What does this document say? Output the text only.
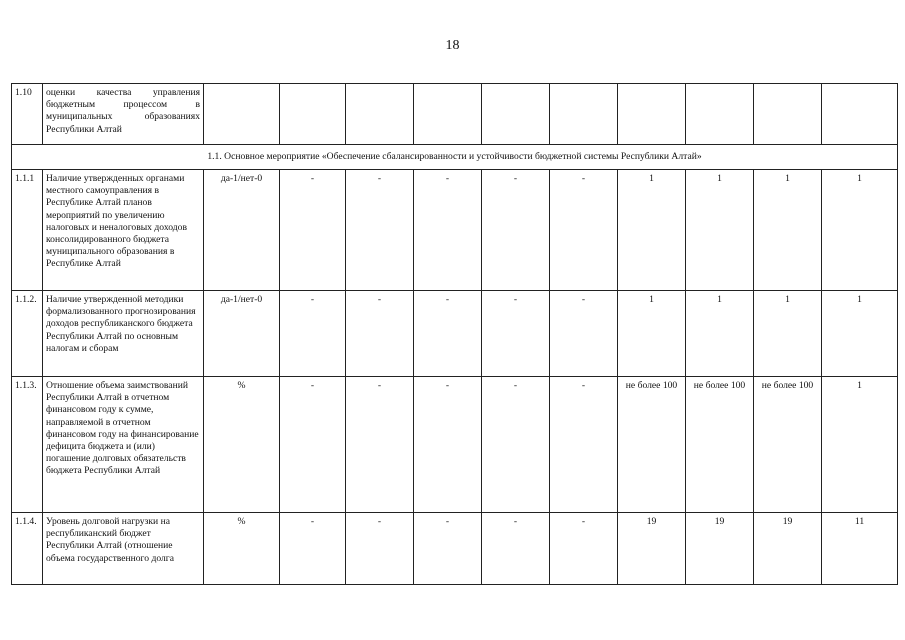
18
1.10	оценки качества управления бюджетным процессом в муниципальных образованиях Республики Алтай										
1.1. Основное мероприятие «Обеспечение сбалансированности и устойчивости бюджетной системы Республики Алтай»											
1.1.1	Наличие утвержденных органами местного самоуправления в Республике Алтай планов мероприятий по увеличению налоговых и неналоговых доходов консолидированного бюджета муниципального образования в Республике Алтай	да-1/нет-0	-	-	-	-	-	1	1	1	1
1.1.2.	Наличие утвержденной методики формализованного прогнозирования доходов республиканского бюджета Республики Алтай по основным налогам и сборам	да-1/нет-0	-	-	-	-	-	1	1	1	1
1.1.3.	Отношение объема заимствований Республики Алтай в отчетном финансовом году к сумме, направляемой в отчетном финансовом году на финансирование дефицита бюджета и (или) погашение долговых обязательств бюджета Республики Алтай	%	-	-	-	-	-	не более 100	не более 100	не более 100	1
1.1.4.	Уровень долговой нагрузки на республиканский бюджет Республики Алтай (отношение объема государственного долга	%	-	-	-	-	-	19	19	19	11
